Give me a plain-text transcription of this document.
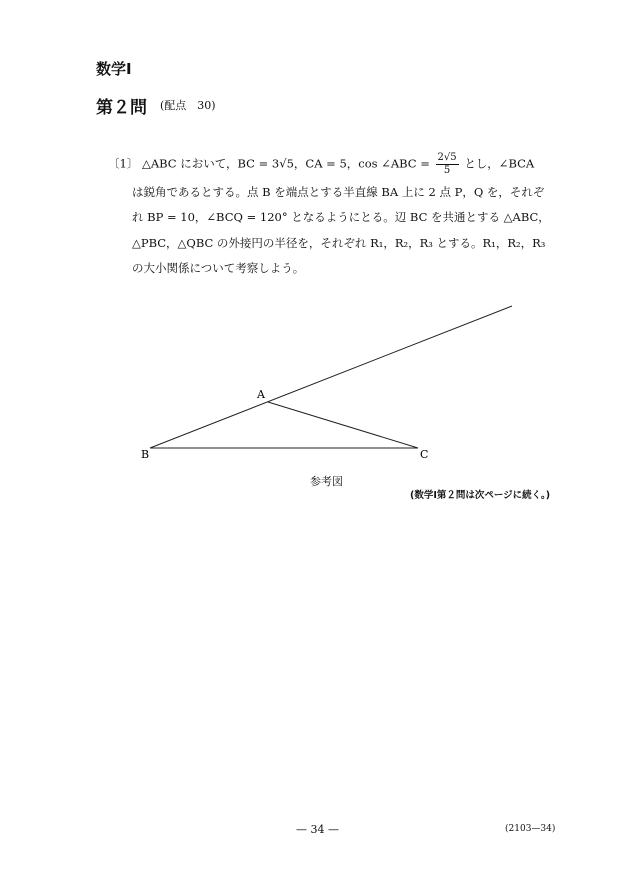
数学Ⅰ
第２問 (配点　30)
〔1〕 △ABC において，BC = 3√5，CA = 5，cos ∠ABC = $\frac{2√5}{5}$ とし，∠BCA
は鋭角であるとする。点 B を端点とする半直線 BA 上に 2 点 P，Q を，それぞ
れ BP = 10，∠BCQ = 120° となるようにとる。辺 BC を共通とする △ABC，
△PBC，△QBC の外接円の半径を，それぞれ R₁，R₂，R₃ とする。R₁，R₂，R₃
の大小関係について考察しよう。
A
B	C
参考図
(数学Ⅰ第２問は次ページに続く。)
— 34 —	(2103—34)
